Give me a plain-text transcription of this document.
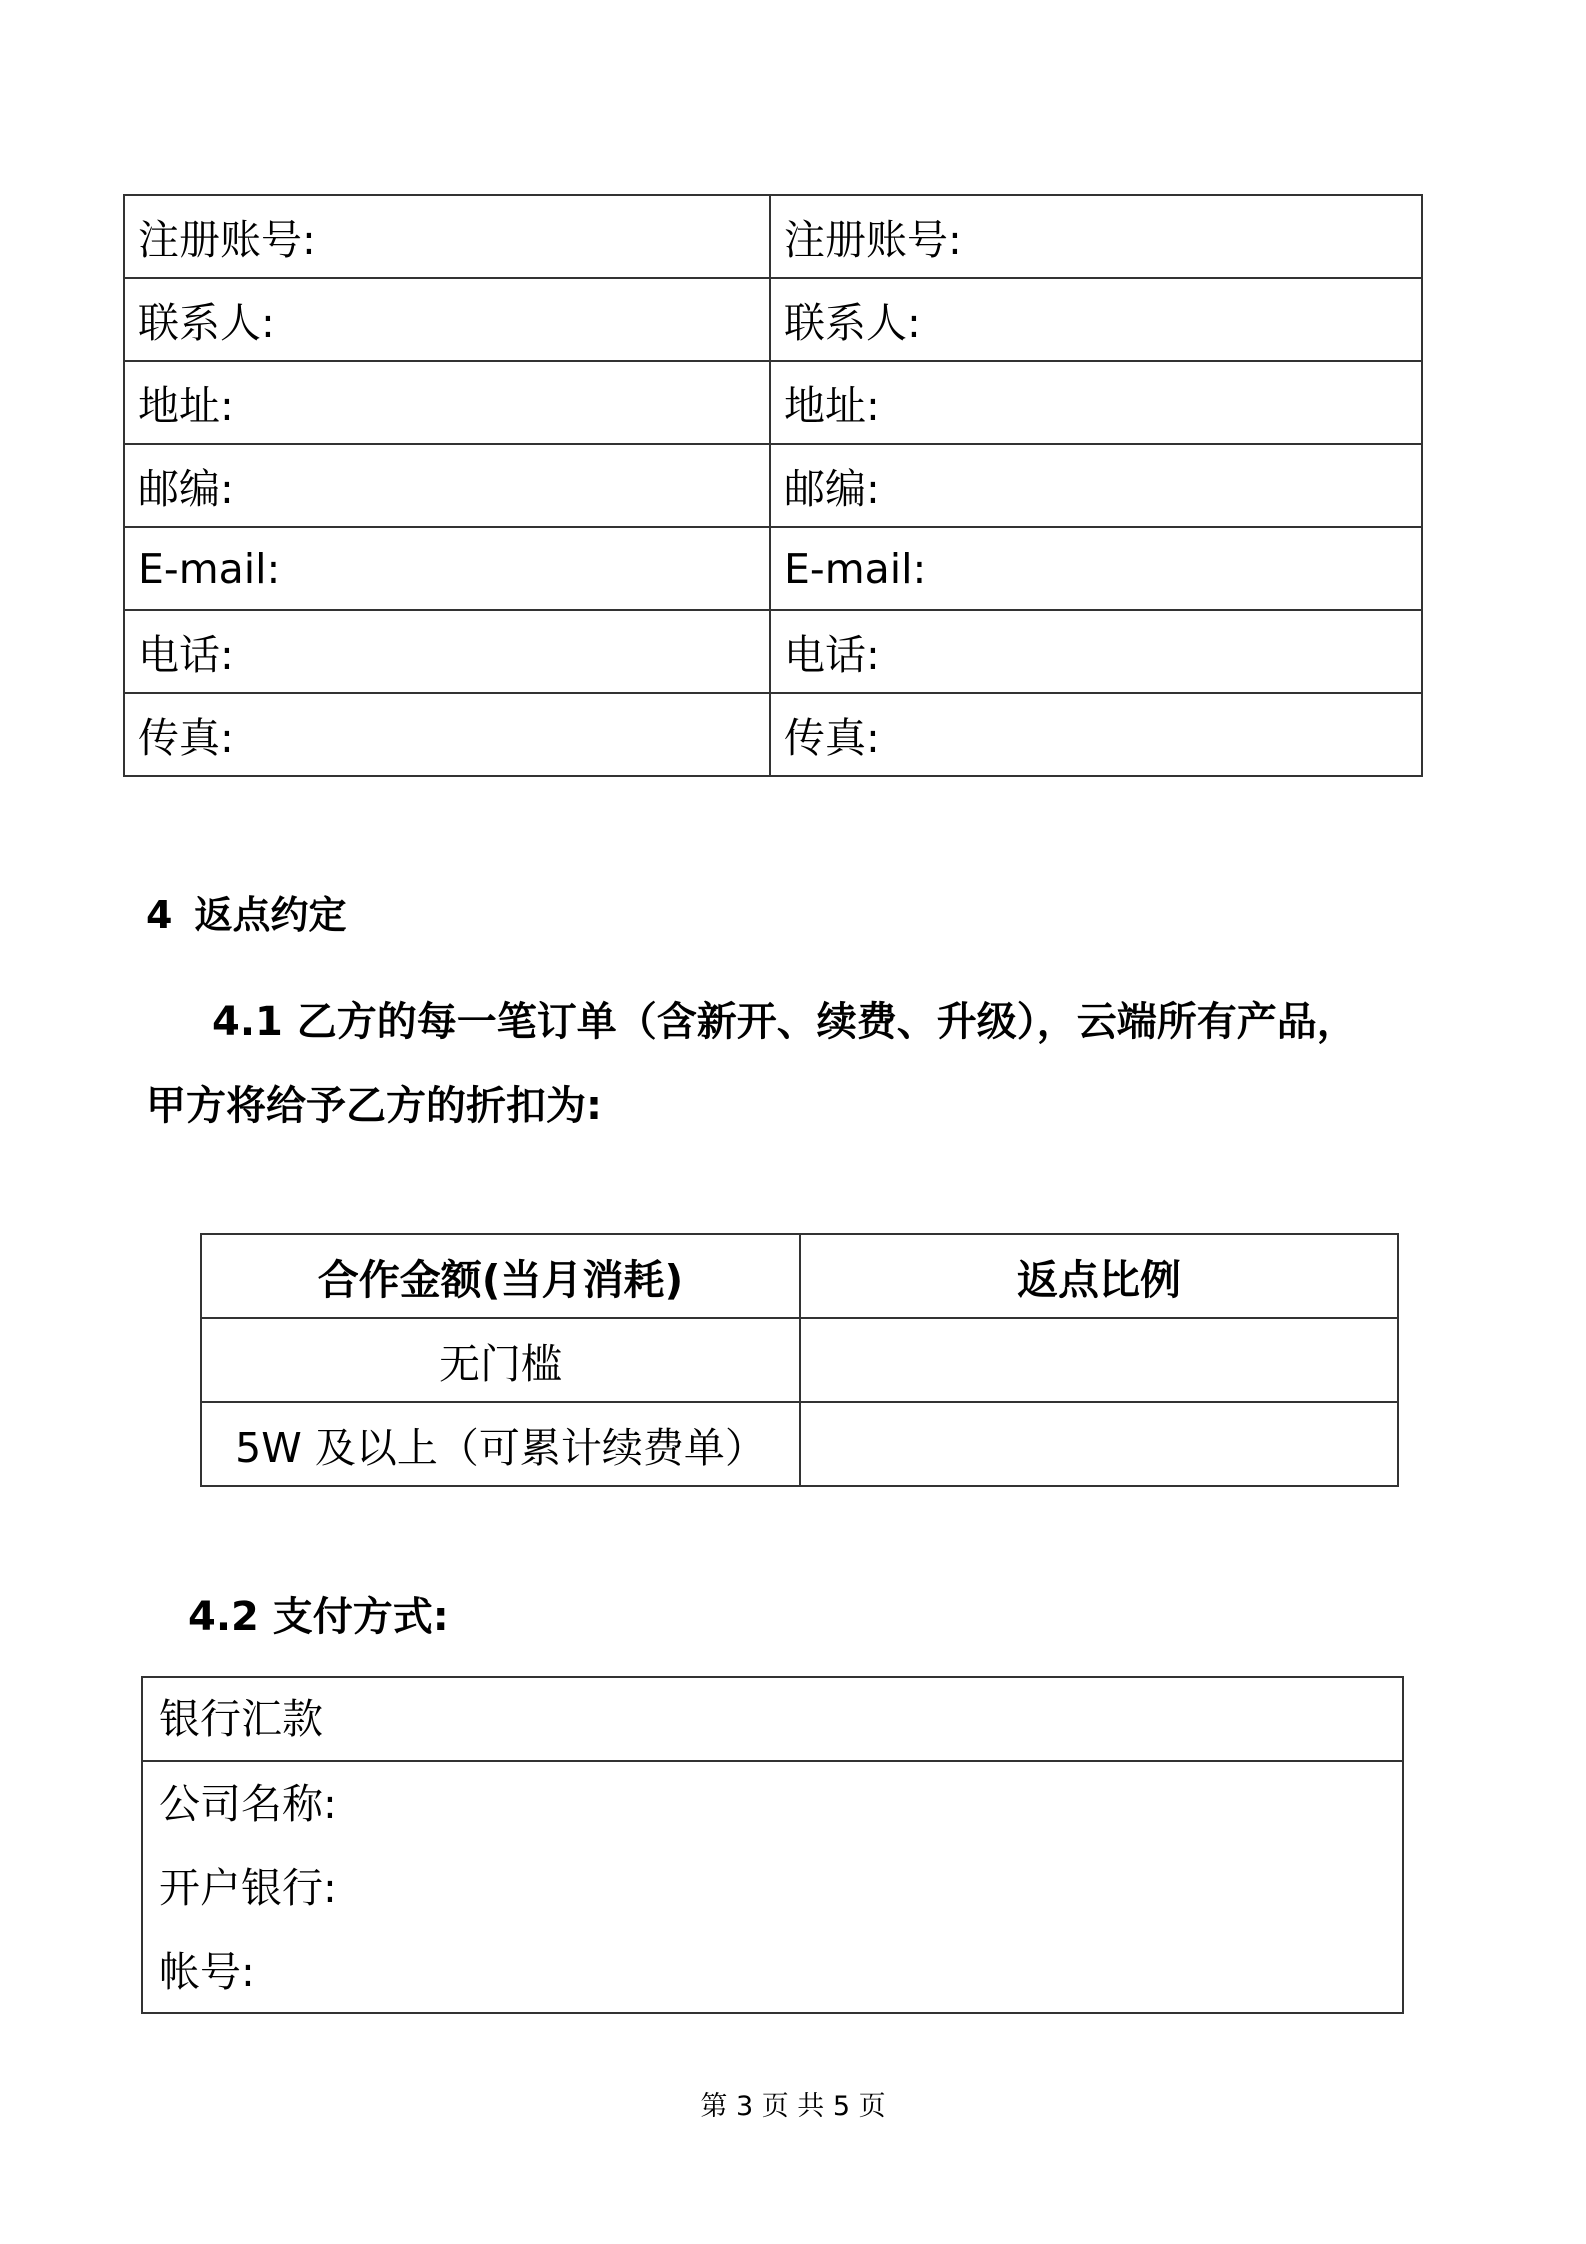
注册账号:	注册账号:
联系人:	联系人:
地址:	地址:
邮编:	邮编:
E-mail:	E-mail:
电话:	电话:
传真:	传真:
4 返点约定
4.1 乙方的每一笔订单（含新开、续费、升级），云端所有产品，
甲方将给予乙方的折扣为:
合作金额(当月消耗)	返点比例
无门槛	
5W 及以上（可累计续费单）	
4.2 支付方式:
银行汇款
公司名称:
开户银行:
帐号:
第 3 页 共 5 页
